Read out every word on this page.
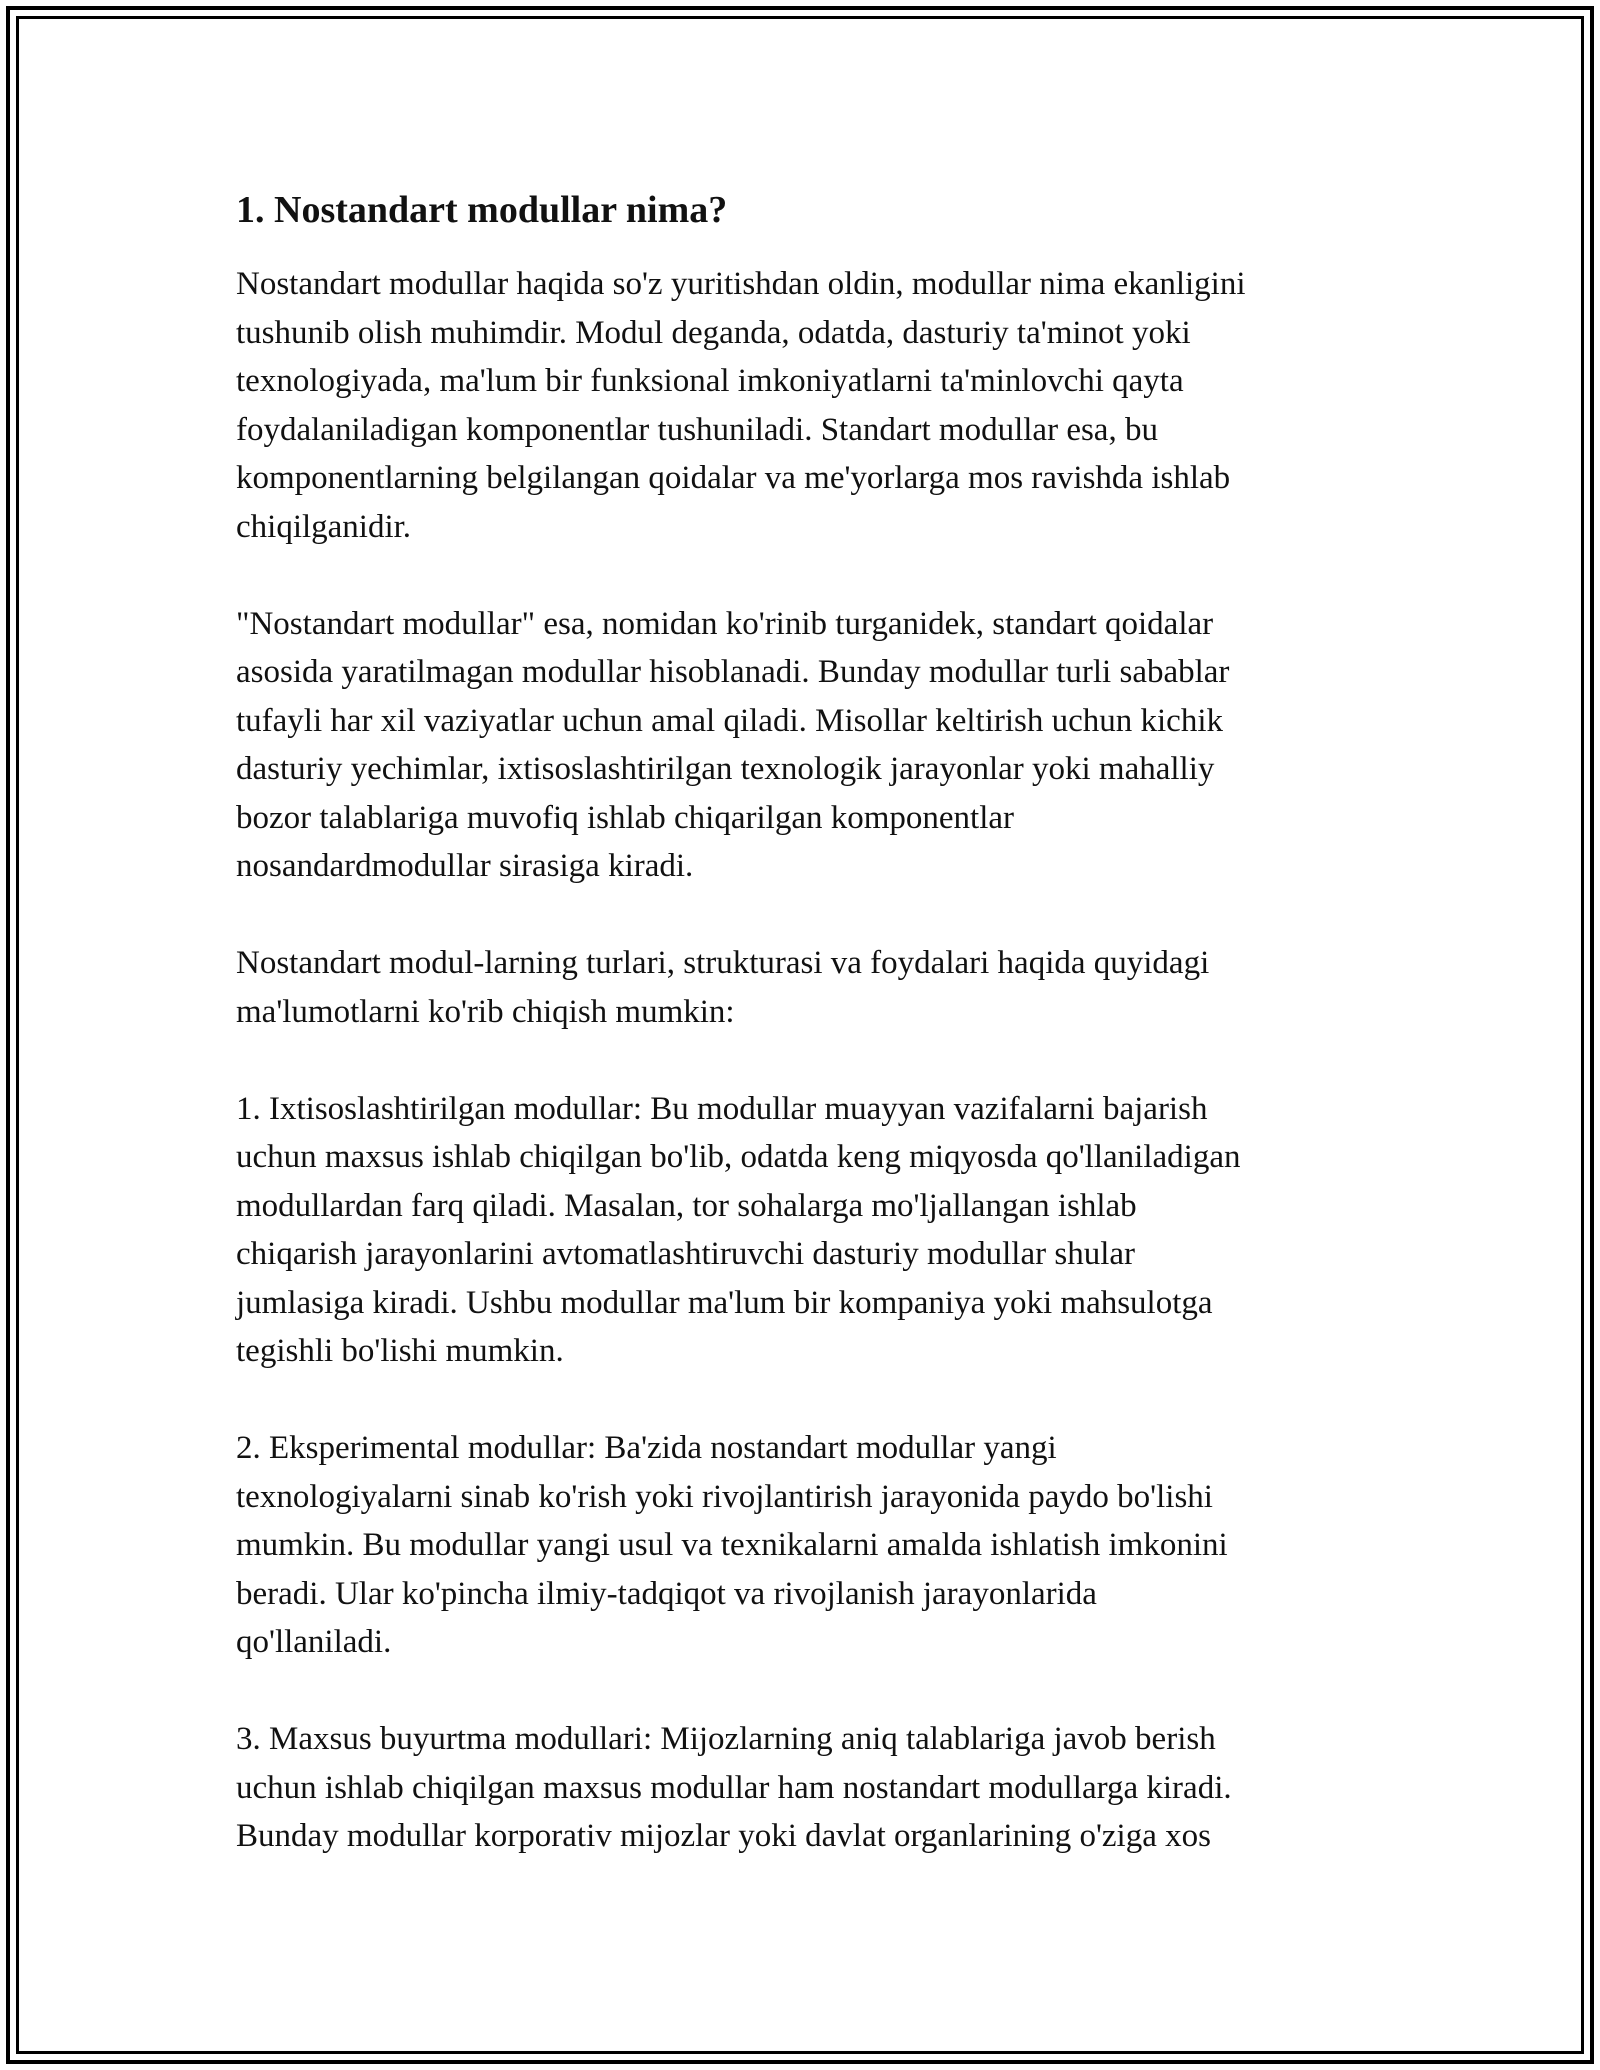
1. Nostandart modullar nima?

Nostandart modullar haqida so'z yuritishdan oldin, modullar nima ekanligini
tushunib olish muhimdir. Modul deganda, odatda, dasturiy ta'minot yoki
texnologiyada, ma'lum bir funksional imkoniyatlarni ta'minlovchi qayta
foydalaniladigan komponentlar tushuniladi. Standart modullar esa, bu
komponentlarning belgilangan qoidalar va me'yorlarga mos ravishda ishlab
chiqilganidir.

"Nostandart modullar" esa, nomidan ko'rinib turganidek, standart qoidalar
asosida yaratilmagan modullar hisoblanadi. Bunday modullar turli sabablar
tufayli har xil vaziyatlar uchun amal qiladi. Misollar keltirish uchun kichik
dasturiy yechimlar, ixtisoslashtirilgan texnologik jarayonlar yoki mahalliy
bozor talablariga muvofiq ishlab chiqarilgan komponentlar
nosandardmodullar sirasiga kiradi.

Nostandart modul-larning turlari, strukturasi va foydalari haqida quyidagi
ma'lumotlarni ko'rib chiqish mumkin:

1. Ixtisoslashtirilgan modullar: Bu modullar muayyan vazifalarni bajarish
uchun maxsus ishlab chiqilgan bo'lib, odatda keng miqyosda qo'llaniladigan
modullardan farq qiladi. Masalan, tor sohalarga mo'ljallangan ishlab
chiqarish jarayonlarini avtomatlashtiruvchi dasturiy modullar shular
jumlasiga kiradi. Ushbu modullar ma'lum bir kompaniya yoki mahsulotga
tegishli bo'lishi mumkin.

2. Eksperimental modullar: Ba'zida nostandart modullar yangi
texnologiyalarni sinab ko'rish yoki rivojlantirish jarayonida paydo bo'lishi
mumkin. Bu modullar yangi usul va texnikalarni amalda ishlatish imkonini
beradi. Ular ko'pincha ilmiy-tadqiqot va rivojlanish jarayonlarida
qo'llaniladi.

3. Maxsus buyurtma modullari: Mijozlarning aniq talablariga javob berish
uchun ishlab chiqilgan maxsus modullar ham nostandart modullarga kiradi.
Bunday modullar korporativ mijozlar yoki davlat organlarining o'ziga xos
